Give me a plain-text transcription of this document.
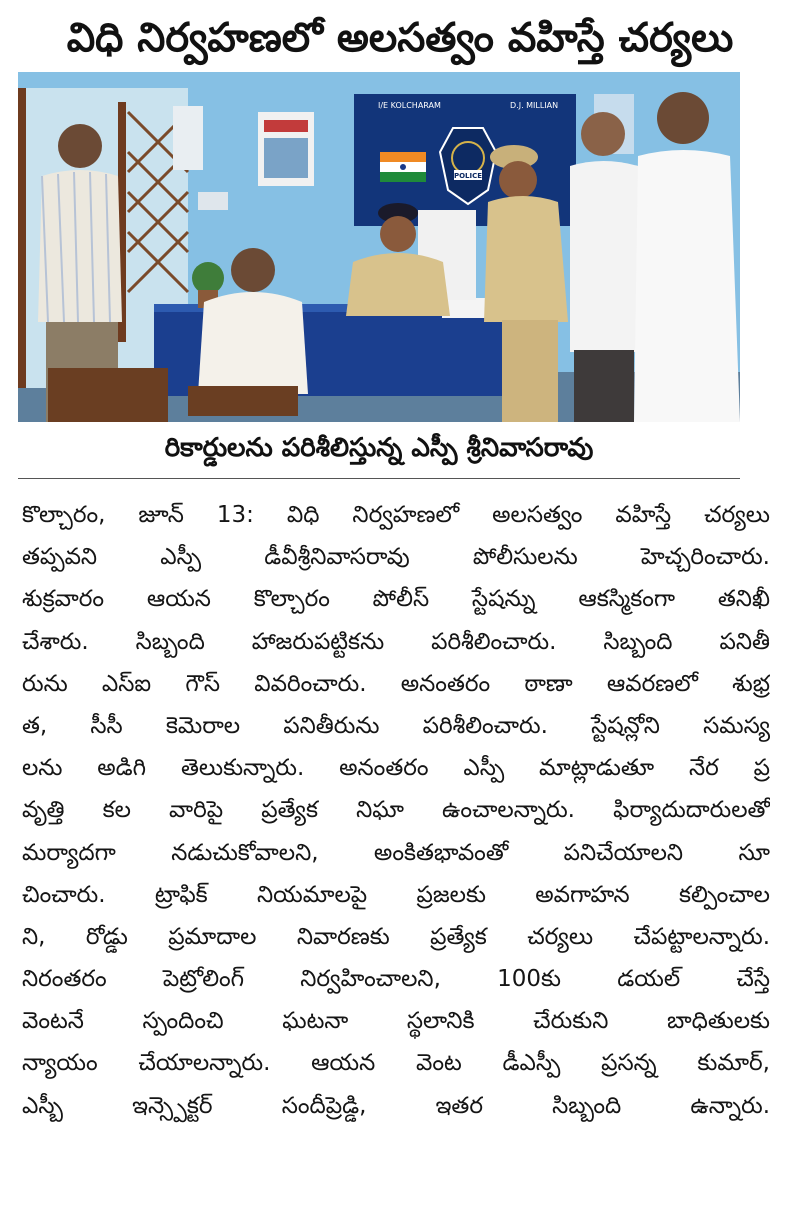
విధి నిర్వహణలో అలసత్వం వహిస్తే చర్యలు
I/E KOLCHARAM	D.J. MILLIAN
POLICE

రికార్డులను పరిశీలిస్తున్న ఎస్పీ శ్రీనివాసరావు

కొల్చారం, జూన్ 13: విధి నిర్వహణలో అలసత్వం వహిస్తే చర్యలు
తప్పవని ఎస్పీ డీవీశ్రీనివాసరావు పోలీసులను హెచ్చరించారు.
శుక్రవారం ఆయన కొల్చారం పోలీస్ స్టేషన్ను ఆకస్మికంగా తనిఖీ
చేశారు. సిబ్బంది హాజరుపట్టికను పరిశీలించారు. సిబ్బంది పనితీ
రును ఎస్ఐ గౌస్ వివరించారు. అనంతరం ఠాణా ఆవరణలో శుభ్ర
త, సీసీ కెమెరాల పనితీరును పరిశీలించారు. స్టేషన్లోని సమస్య
లను అడిగి తెలుకున్నారు. అనంతరం ఎస్పీ మాట్లాడుతూ నేర ప్ర
వృత్తి కల వారిపై ప్రత్యేక నిఘా ఉంచాలన్నారు. ఫిర్యాదుదారులతో
మర్యాదగా నడుచుకోవాలని, అంకితభావంతో పనిచేయాలని సూ
చించారు. ట్రాఫిక్ నియమాలపై ప్రజలకు అవగాహన కల్పించాల
ని, రోడ్డు ప్రమాదాల నివారణకు ప్రత్యేక చర్యలు చేపట్టాలన్నారు.
నిరంతరం పెట్రోలింగ్ నిర్వహించాలని, 100కు డయల్ చేస్తే
వెంటనే స్పందించి ఘటనా స్థలానికి చేరుకుని బాధితులకు
న్యాయం చేయాలన్నారు. ఆయన వెంట డీఎస్పీ ప్రసన్న కుమార్,
ఎస్బీ ఇన్స్పెక్టర్ సందీప్రెడ్డి, ఇతర సిబ్బంది ఉన్నారు.
